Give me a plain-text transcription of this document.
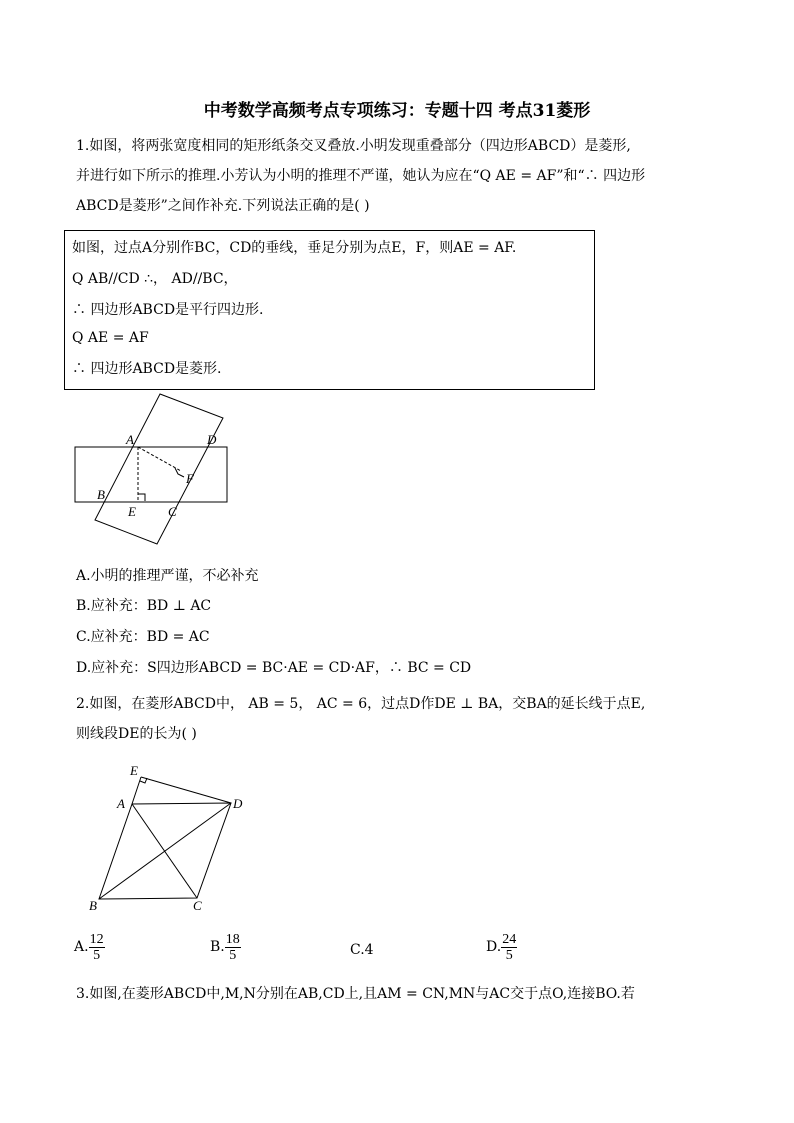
中考数学高频考点专项练习：专题十四 考点31菱形
1.如图，将两张宽度相同的矩形纸条交叉叠放.小明发现重叠部分（四边形ABCD）是菱形,
并进行如下所示的推理.小芳认为小明的推理不严谨，她认为应在“Q AE = AF”和“∴ 四边形
ABCD是菱形”之间作补充.下列说法正确的是( )
如图，过点A分别作BC，CD的垂线，垂足分别为点E，F，则AE = AF.
Q AB//CD ∴， AD//BC，
∴ 四边形ABCD是平行四边形.
Q AE = AF
∴ 四边形ABCD是菱形.
A	D
F
B
E C
A.小明的推理严谨，不必补充
B.应补充：BD ⊥ AC
C.应补充：BD = AC
D.应补充：S四边形ABCD = BC·AE = CD·AF，∴ BC = CD
2.如图，在菱形ABCD中， AB = 5， AC = 6，过点D作DE ⊥ BA，交BA的延长线于点E,
则线段DE的长为( )
E
A	D
B	C
A. $\frac{12}{5}$	B. $\frac{18}{5}$	C.4	D. $\frac{24}{5}$
3.如图,在菱形ABCD中,M,N分别在AB,CD上,且AM = CN,MN与AC交于点O,连接BO.若
